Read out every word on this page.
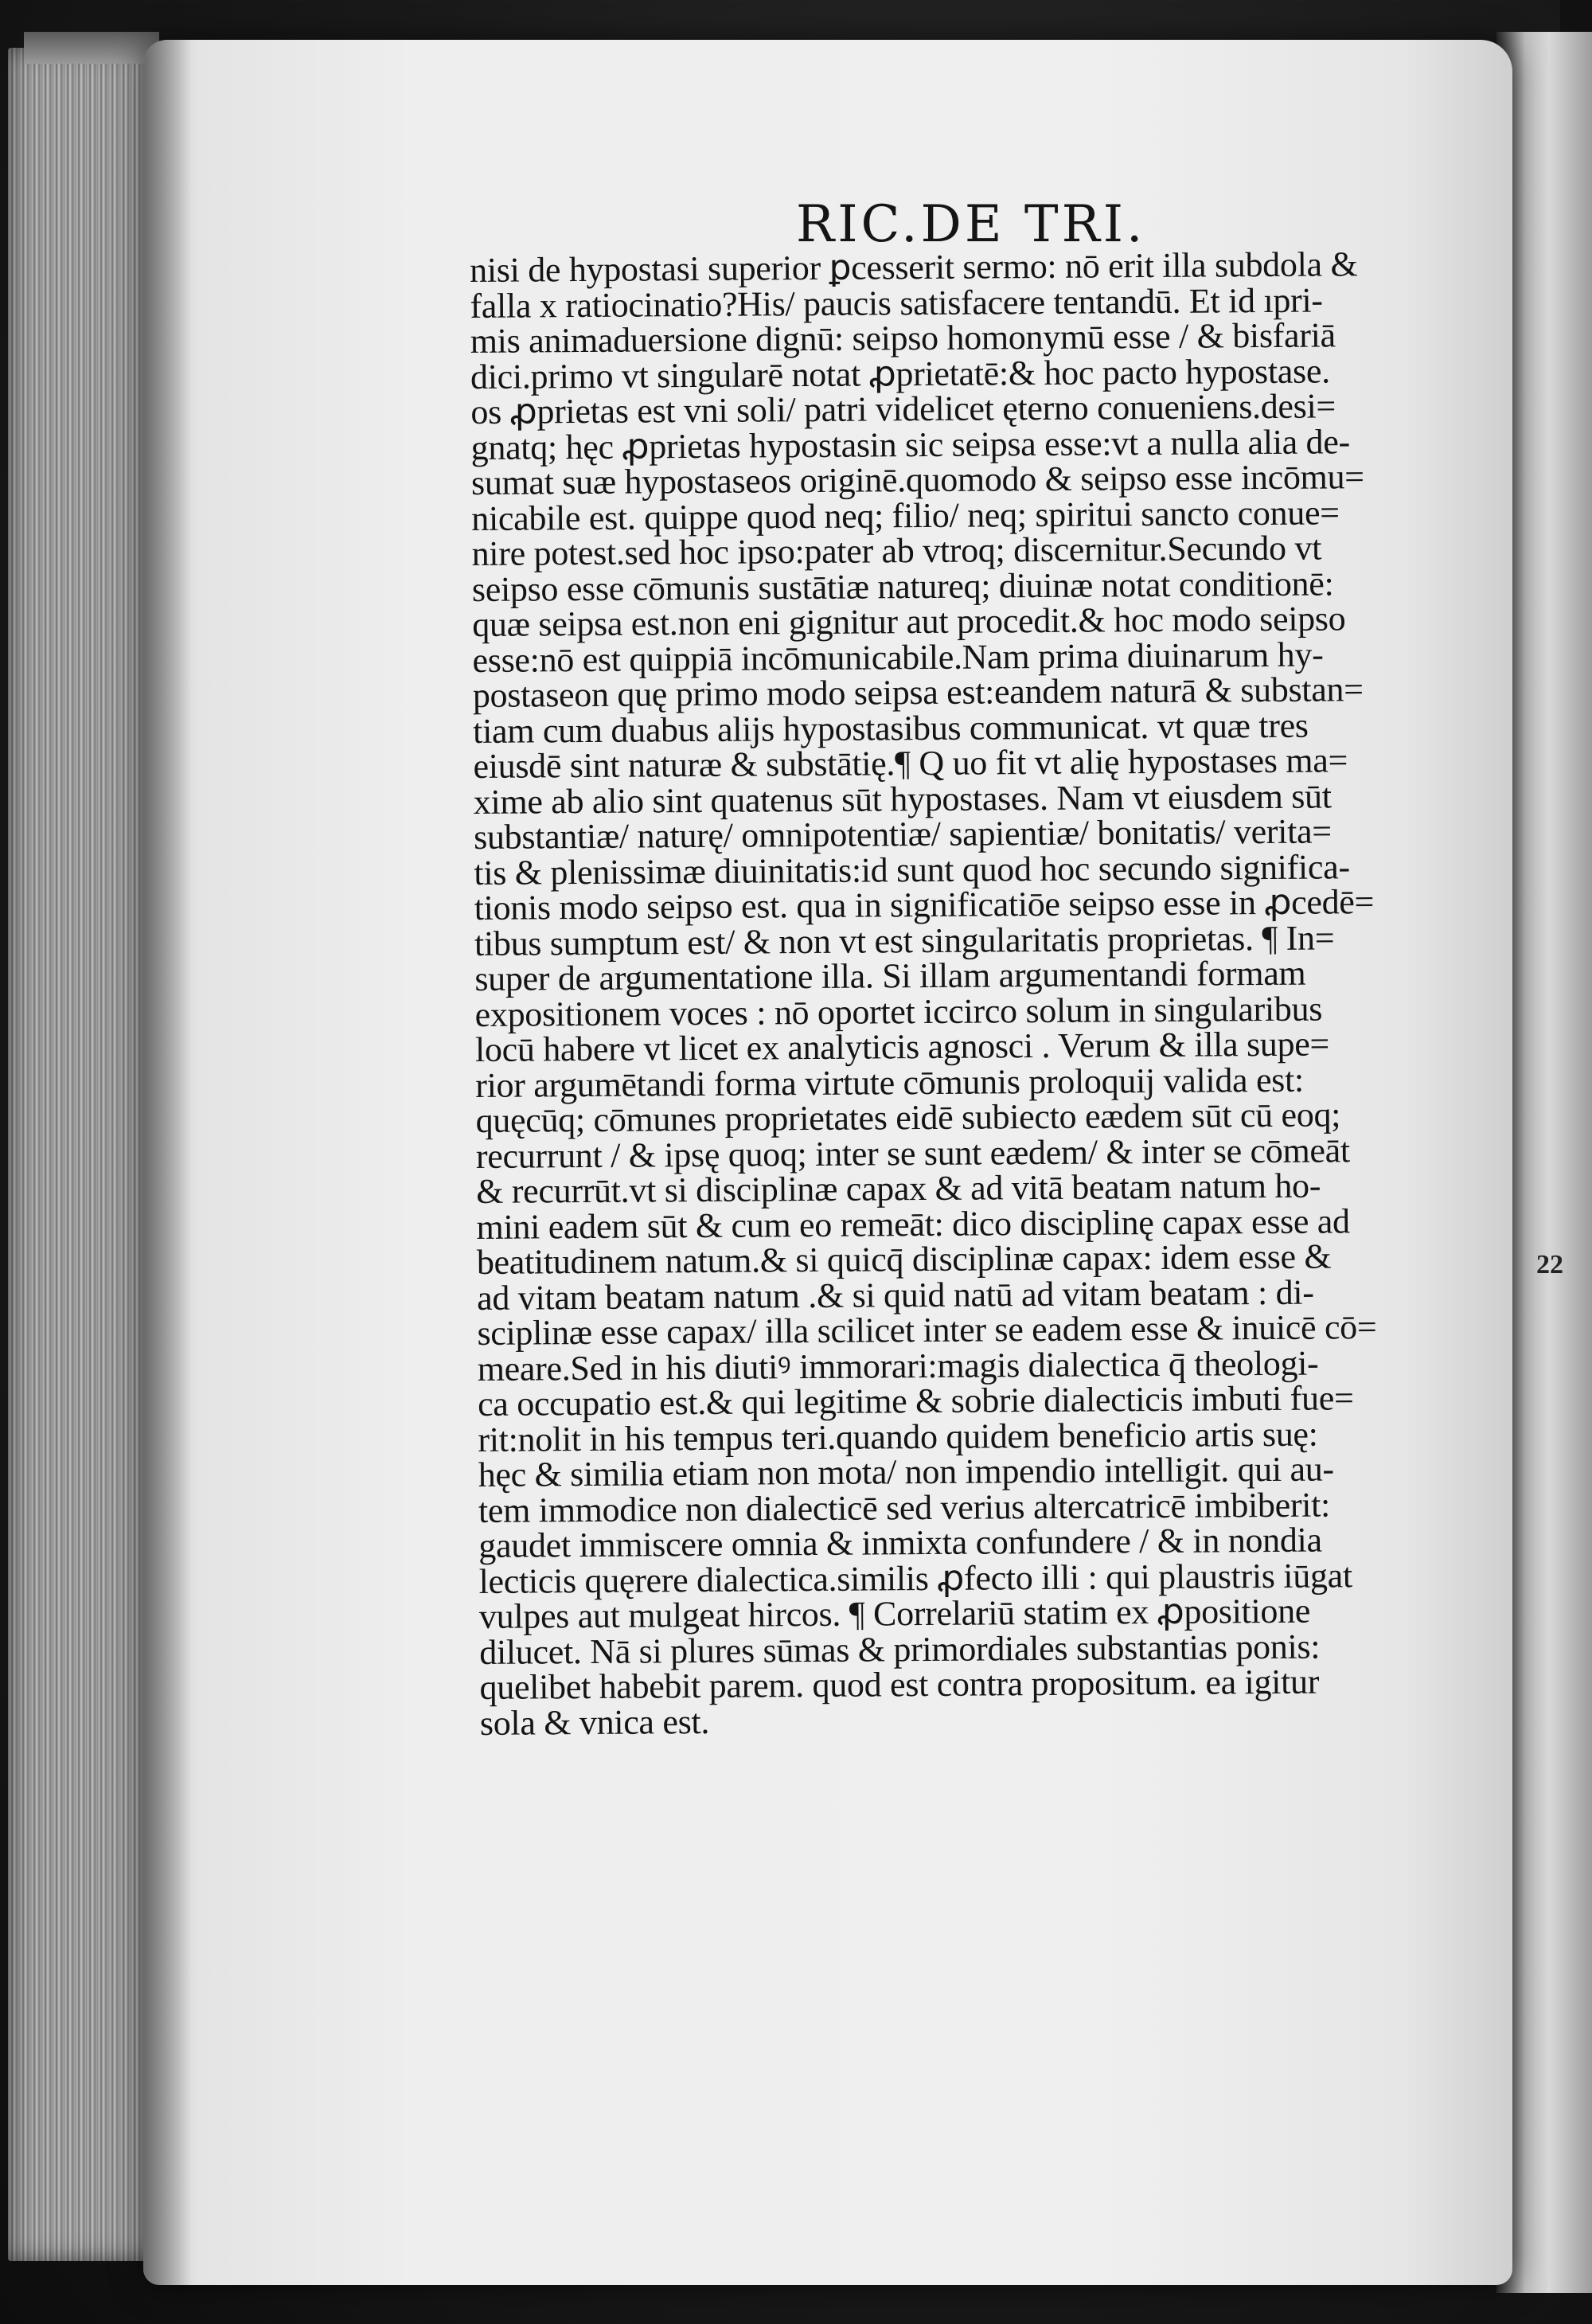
RIC.DE TRI.
nisi de hypostasi superior ꝑcesserit sermo: nō erit illa subdola &
falla x ratiocinatio?His/ paucis satisfacere tentandū. Et id ıpri-
mis animaduersione dignū: seipso homonymū esse / & bisfariā
dici.primo vt singularē notat ꝓprietatē:& hoc pacto hypostase.
os ꝓprietas est vni soli/ patri videlicet ęterno conueniens.desi=
gnatq; hęc ꝓprietas hypostasin sic seipsa esse:vt a nulla alia de-
sumat suæ hypostaseos originē.quomodo & seipso esse incōmu=
nicabile est. quippe quod neq; filio/ neq; spiritui sancto conue=
nire potest.sed hoc ipso:pater ab vtroq; discernitur.Secundo vt
seipso esse cōmunis sustātiæ natureq; diuinæ notat conditionē:
quæ seipsa est.non eni gignitur aut procedit.& hoc modo seipso
esse:nō est quippiā incōmunicabile.Nam prima diuinarum hy-
postaseon quę primo modo seipsa est:eandem naturā & substan=
tiam cum duabus alijs hypostasibus communicat. vt quæ tres
eiusdē sint naturæ & substātię.¶ Q uo fit vt alię hypostases ma=
xime ab alio sint quatenus sūt hypostases. Nam vt eiusdem sūt
substantiæ/ naturę/ omnipotentiæ/ sapientiæ/ bonitatis/ verita=
tis & plenissimæ diuinitatis:id sunt quod hoc secundo significa-
tionis modo seipso est. qua in significatiōe seipso esse in ꝓcedē=
tibus sumptum est/ & non vt est singularitatis proprietas. ¶ In=
super de argumentatione illa. Si illam argumentandi formam
expositionem voces : nō oportet iccirco solum in singularibus
locū habere vt licet ex analyticis agnosci . Verum & illa supe=
rior argumētandi forma virtute cōmunis proloquij valida est:
quęcūq; cōmunes proprietates eidē subiecto eædem sūt cū eoq;
recurrunt / & ipsę quoq; inter se sunt eædem/ & inter se cōmeāt
& recurrūt.vt si disciplinæ capax & ad vitā beatam natum ho-
mini eadem sūt & cum eo remeāt: dico disciplinę capax esse ad
beatitudinem natum.& si quicq̄ disciplinæ capax: idem esse &
ad vitam beatam natum .& si quid natū ad vitam beatam : di-
sciplinæ esse capax/ illa scilicet inter se eadem esse & inuicē cō=
meare.Sed in his diutiꝰ immorari:magis dialectica q̄ theologi-
ca occupatio est.& qui legitime & sobrie dialecticis imbuti fue=
rit:nolit in his tempus teri.quando quidem beneficio artis suę:
hęc & similia etiam non mota/ non impendio intelligit. qui au-
tem immodice non dialecticē sed verius altercatricē imbiberit:
gaudet immiscere omnia & inmixta confundere / & in nondia
lecticis quęrere dialectica.similis ꝓfecto illi : qui plaustris iūgat
vulpes aut mulgeat hircos. ¶ Correlariū statim ex ꝓpositione
dilucet. Nā si plures sūmas & primordiales substantias ponis:
quelibet habebit parem. quod est contra propositum. ea igitur
sola & vnica est.
22
